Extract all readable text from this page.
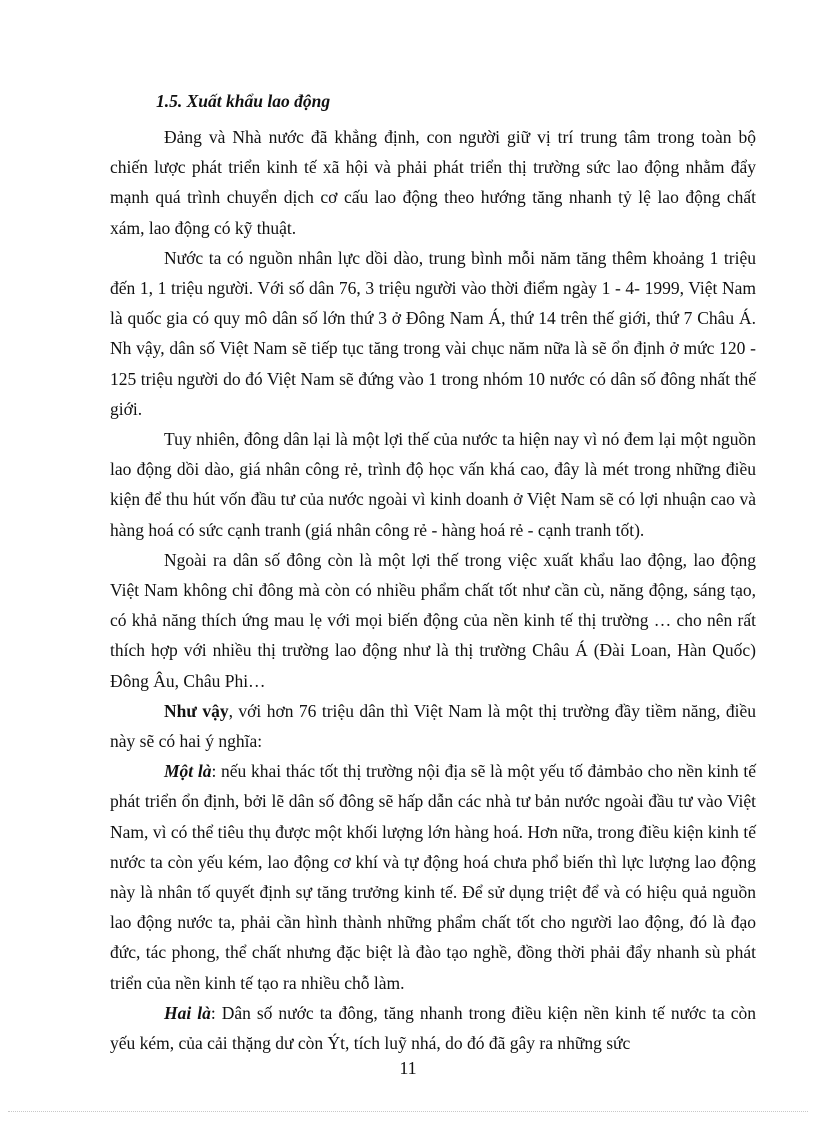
1.5. Xuất khẩu lao động

Đảng và Nhà nước đã khẳng định, con người giữ vị trí trung tâm trong toàn bộ chiến lược phát triển kinh tế xã hội và phải phát triển thị trường sức lao động nhằm đẩy mạnh quá trình chuyển dịch cơ cấu lao động theo hướng tăng nhanh tỷ lệ lao động chất xám, lao động có kỹ thuật.

Nước ta có nguồn nhân lực dồi dào, trung bình mỗi năm tăng thêm khoảng 1 triệu đến 1, 1 triệu người. Với số dân 76, 3 triệu người vào thời điểm ngày 1 - 4- 1999, Việt Nam là quốc gia có quy mô dân số lớn thứ 3 ở Đông Nam Á, thứ 14 trên thế giới, thứ 7 Châu Á. Nh vậy, dân số Việt Nam sẽ tiếp tục tăng trong vài chục năm nữa là sẽ ổn định ở mức 120 - 125 triệu người do đó Việt Nam sẽ đứng vào 1 trong nhóm 10 nước có dân số đông nhất thế giới.

Tuy nhiên, đông dân lại là một lợi thế của nước ta hiện nay vì nó đem lại một nguồn lao động dồi dào, giá nhân công rẻ, trình độ học vấn khá cao, đây là mét trong những điều kiện để thu hút vốn đầu tư của nước ngoài vì kinh doanh ở Việt Nam sẽ có lợi nhuận cao và hàng hoá có sức cạnh tranh (giá nhân công rẻ - hàng hoá rẻ - cạnh tranh tốt).

Ngoài ra dân số đông còn là một lợi thế trong việc xuất khẩu lao động, lao động Việt Nam không chỉ đông mà còn có nhiều phẩm chất tốt như cần cù, năng động, sáng tạo, có khả năng thích ứng mau lẹ với mọi biến động của nền kinh tế thị trường … cho nên rất thích hợp với nhiều thị trường lao động như là thị trường Châu Á (Đài Loan, Hàn Quốc) Đông Âu, Châu Phi…

Như vậy, với hơn 76 triệu dân thì Việt Nam là một thị trường đầy tiềm năng, điều này sẽ có hai ý nghĩa:

Một là: nếu khai thác tốt thị trường nội địa sẽ là một yếu tố đảmbảo cho nền kinh tế phát triển ổn định, bởi lẽ dân số đông sẽ hấp dẫn các nhà tư bản nước ngoài đầu tư vào Việt Nam, vì có thể tiêu thụ được một khối lượng lớn hàng hoá. Hơn nữa, trong điều kiện kinh tế nước ta còn yếu kém, lao động cơ khí và tự động hoá chưa phổ biến thì lực lượng lao động này là nhân tố quyết định sự tăng trưởng kinh tế. Để sử dụng triệt để và có hiệu quả nguồn lao động nước ta, phải cần hình thành những phẩm chất tốt cho người lao động, đó là đạo đức, tác phong, thể chất nhưng đặc biệt là đào tạo nghề, đồng thời phải đẩy nhanh sù phát triển của nền kinh tế tạo ra nhiều chỗ làm.

Hai là: Dân số nước ta đông, tăng nhanh trong điều kiện nền kinh tế nước ta còn yếu kém, của cải thặng dư còn Ýt, tích luỹ nhá, do đó đã gây ra những sức

11
